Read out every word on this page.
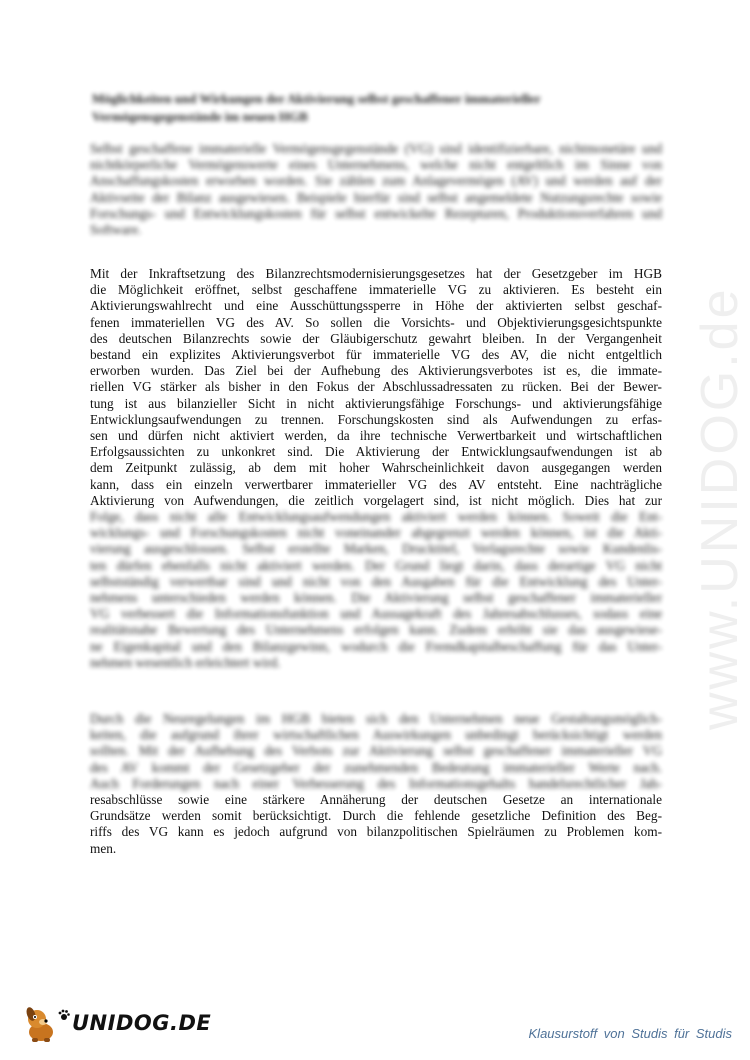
www.UNIDOG.de
Möglichkeiten und Wirkungen der Aktivierung selbst geschaffener immaterieller Vermögensgegenstände im neuen HGB
Selbst geschaffene immaterielle Vermögensgegenstände (VG) sind identifizierbare, nichtmonetäre und nichtkörperliche Vermögenswerte eines Unternehmens, welche nicht entgeltlich im Sinne von Anschaffungskosten erworben worden. Sie zählen zum Anlagevermögen (AV) und werden auf der Aktivseite der Bilanz ausgewiesen. Beispiele hierfür sind selbst angemeldete Nutzungsrechte sowie Forschungs- und Entwicklungskosten für selbst entwickelte Rezepturen, Produktionsverfahren und Software.
Mit der Inkraftsetzung des Bilanzrechtsmodernisierungsgesetzes hat der Gesetzgeber im HGB
die Möglichkeit eröffnet, selbst geschaffene immaterielle VG zu aktivieren. Es besteht ein
Aktivierungswahlrecht und eine Ausschüttungssperre in Höhe der aktivierten selbst geschaf-
fenen immateriellen VG des AV. So sollen die Vorsichts- und Objektivierungsgesichtspunkte
des deutschen Bilanzrechts sowie der Gläubigerschutz gewahrt bleiben. In der Vergangenheit
bestand ein explizites Aktivierungsverbot für immaterielle VG des AV, die nicht entgeltlich
erworben wurden. Das Ziel bei der Aufhebung des Aktivierungsverbotes ist es, die immate-
riellen VG stärker als bisher in den Fokus der Abschlussadressaten zu rücken. Bei der Bewer-
tung ist aus bilanzieller Sicht in nicht aktivierungsfähige Forschungs- und aktivierungsfähige
Entwicklungsaufwendungen zu trennen. Forschungskosten sind als Aufwendungen zu erfas-
sen und dürfen nicht aktiviert werden, da ihre technische Verwertbarkeit und wirtschaftlichen
Erfolgsaussichten zu unkonkret sind. Die Aktivierung der Entwicklungsaufwendungen ist ab
dem Zeitpunkt zulässig, ab dem mit hoher Wahrscheinlichkeit davon ausgegangen werden
kann, dass ein einzeln verwertbarer immaterieller VG des AV entsteht. Eine nachträgliche
Aktivierung von Aufwendungen, die zeitlich vorgelagert sind, ist nicht möglich. Dies hat zur
Folge, dass nicht alle Entwicklungsaufwendungen aktiviert werden können. Soweit die Ent-
wicklungs- und Forschungskosten nicht voneinander abgegrenzt werden können, ist die Akti-
vierung ausgeschlossen. Selbst erstellte Marken, Drucktitel, Verlagsrechte sowie Kundenlis-
ten dürfen ebenfalls nicht aktiviert werden. Der Grund liegt darin, dass derartige VG nicht
selbstständig verwertbar sind und nicht von den Ausgaben für die Entwicklung des Unter-
nehmens unterschieden werden können. Die Aktivierung selbst geschaffener immaterieller
VG verbessert die Informationsfunktion und Aussagekraft des Jahresabschlusses, sodass eine
realitätsnahe Bewertung des Unternehmens erfolgen kann. Zudem erhöht sie das ausgewiese-
ne Eigenkapital und den Bilanzgewinn, wodurch die Fremdkapitalbeschaffung für das Unter-
nehmen wesentlich erleichtert wird.
Durch die Neuregelungen im HGB bieten sich den Unternehmen neue Gestaltungsmöglich-
keiten, die aufgrund ihrer wirtschaftlichen Auswirkungen unbedingt berücksichtigt werden
sollten. Mit der Aufhebung des Verbots zur Aktivierung selbst geschaffener immaterieller VG
des AV kommt der Gesetzgeber der zunehmenden Bedeutung immaterieller Werte nach.
Auch Forderungen nach einer Verbesserung des Informationsgehalts handelsrechtlicher Jah-
resabschlüsse sowie eine stärkere Annäherung der deutschen Gesetze an internationale
Grundsätze werden somit berücksichtigt. Durch die fehlende gesetzliche Definition des Beg-
riffs des VG kann es jedoch aufgrund von bilanzpolitischen Spielräumen zu Problemen kom-
men.
UNIDOG.DE	Klausurstoff von Studis für Studis
